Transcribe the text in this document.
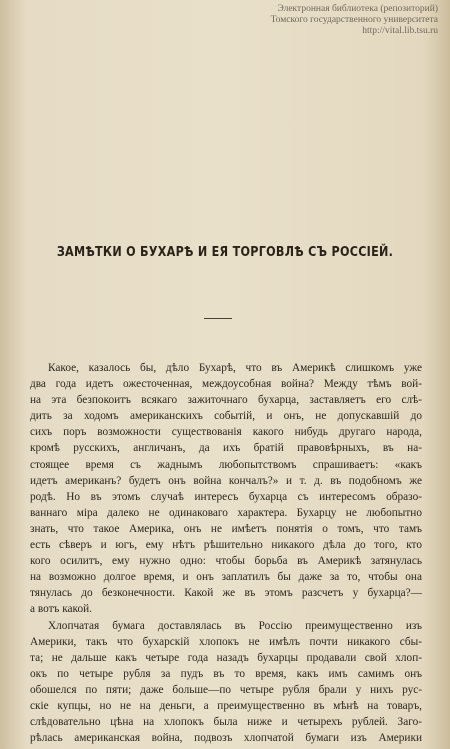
Электронная библиотека (репозиторий)
Томского государственного университета
http://vital.lib.tsu.ru
ЗАМѢТКИ О БУХАРѢ И ЕЯ ТОРГОВЛѢ СЪ РОССІЕЙ.
Какое, казалось бы, дѣло Бухарѣ, что въ Америкѣ слишкомъ уже
два года идетъ ожесточенная, междоусобная война? Между тѣмъ вой-
на эта безпокоитъ всякаго зажиточнаго бухарца, заставляетъ его слѣ-
дить за ходомъ американскихъ событій, и онъ, не допускавшій до
сихъ поръ возможности существованія какого нибудь другаго народа,
кромѣ русскихъ, англичанъ, да ихъ братій правовѣрныхъ, въ на-
стоящее время съ жаднымъ любопытствомъ спрашиваетъ: «какъ
идетъ американъ? будетъ онъ война кончалъ?» и т. д. въ подобномъ же
родѣ. Но въ этомъ случаѣ интересъ бухарца съ интересомъ образо-
ваннаго міра далеко не одинаковаго характера. Бухарцу не любопытно
знать, что такое Америка, онъ не имѣетъ понятія о томъ, что тамъ
есть сѣверъ и югъ, ему нѣтъ рѣшительно никакого дѣла до того, кто
кого осилитъ, ему нужно одно: чтобы борьба въ Америкѣ затянулась
на возможно долгое время, и онъ заплатилъ бы даже за то, чтобы она
тянулась до безконечности. Какой же въ этомъ разсчетъ у бухарца?—
а вотъ какой.
Хлопчатая бумага доставлялась въ Россію преимущественно изъ
Америки, такъ что бухарскій хлопокъ не имѣлъ почти никакого сбы-
та; не дальше какъ четыре года назадъ бухарцы продавали свой хлоп-
окъ по четыре рубля за пудъ въ то время, какъ имъ самимъ онъ
обошелся по пяти; даже больше—по четыре рубля брали у нихъ рус-
скіе купцы, но не на деньги, а преимущественно въ мѣнѣ на товаръ,
слѣдовательно цѣна на хлопокъ была ниже и четырехъ рублей. Заго-
рѣлась американская война, подвозъ хлопчатой бумаги изъ Америки
